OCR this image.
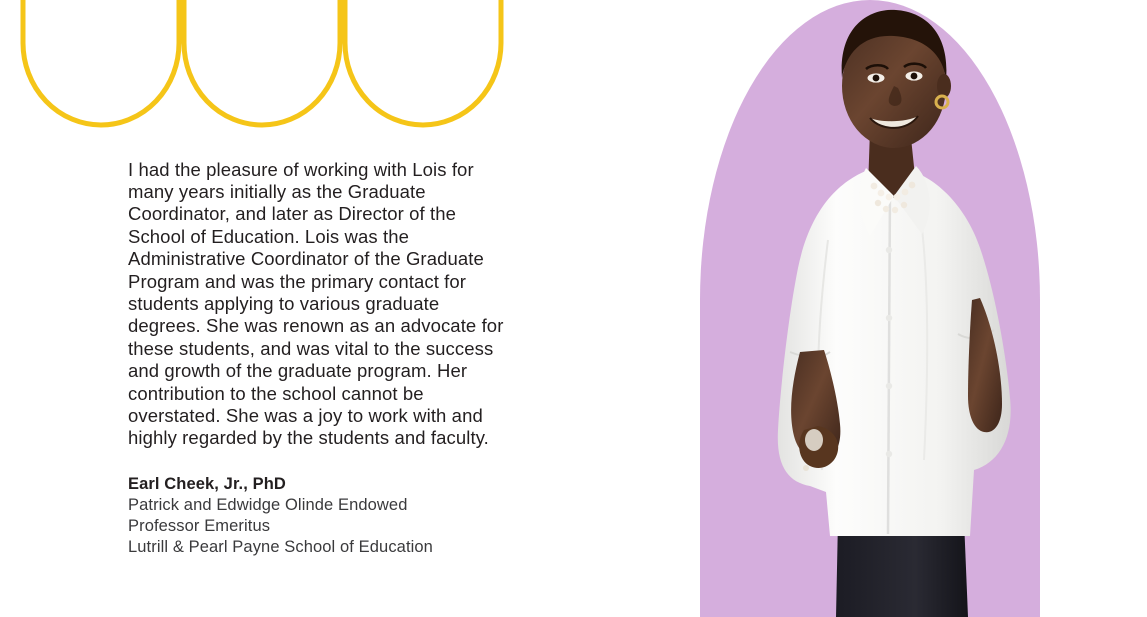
I had the pleasure of working with Lois for many years initially as the Graduate Coordinator, and later as Director of the School of Education. Lois was the Administrative Coordinator of the Graduate Program and was the primary contact for students applying to various graduate degrees. She was renown as an advocate for these students, and was vital to the success and growth of the graduate program. Her contribution to the school cannot be overstated. She was a joy to work with and highly regarded by the students and faculty.

Earl Cheek, Jr., PhD
Patrick and Edwidge Olinde Endowed
Professor Emeritus
Lutrill & Pearl Payne School of Education
